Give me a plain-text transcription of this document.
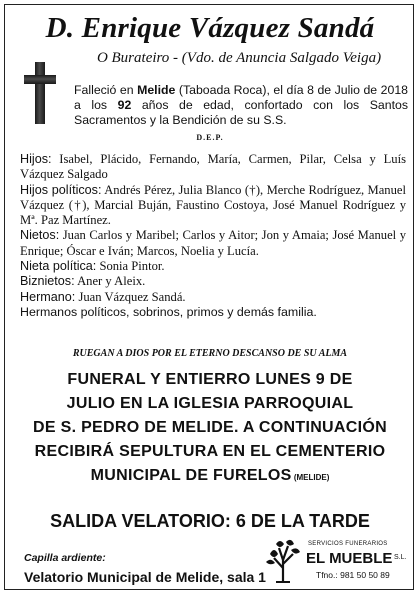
D. Enrique Vázquez Sandá
O Burateiro - (Vdo. de Anuncia Salgado Veiga)
Falleció en Melide (Taboada Roca), el día 8 de Julio de 2018 a los 92 años de edad, confortado con los Santos Sacramentos y la Bendición de su S.S.
D.E.P.

Hijos: Isabel, Plácido, Fernando, María, Carmen, Pilar, Celsa y Luís Vázquez Salgado

Hijos políticos: Andrés Pérez, Julia Blanco (†), Merche Rodríguez, Manuel Vázquez (†), Marcial Buján, Faustino Costoya, José Manuel Rodríguez y Mª. Paz Martínez.

Nietos: Juan Carlos y Maribel; Carlos y Aitor; Jon y Amaia; José Manuel y Enrique; Óscar e Iván; Marcos, Noelia y Lucía.

Nieta política: Sonia Pintor.

Biznietos: Aner y Aleix.

Hermano: Juan Vázquez Sandá.

Hermanos políticos, sobrinos, primos y demás familia.

RUEGAN A DIOS POR EL ETERNO DESCANSO DE SU ALMA
FUNERAL Y ENTIERRO LUNES 9 DE
JULIO EN LA IGLESIA PARROQUIAL
DE S. PEDRO DE MELIDE. A CONTINUACIÓN
RECIBIRÁ SEPULTURA EN EL CEMENTERIO
MUNICIPAL DE FURELOS (MELIDE)
SALIDA VELATORIO: 6 DE LA TARDE
Capilla ardiente:
Velatorio Municipal de Melide, sala 1
SERVICIOS FUNERARIOS
EL MUEBLE S.L.
Tfno.: 981 50 50 89
